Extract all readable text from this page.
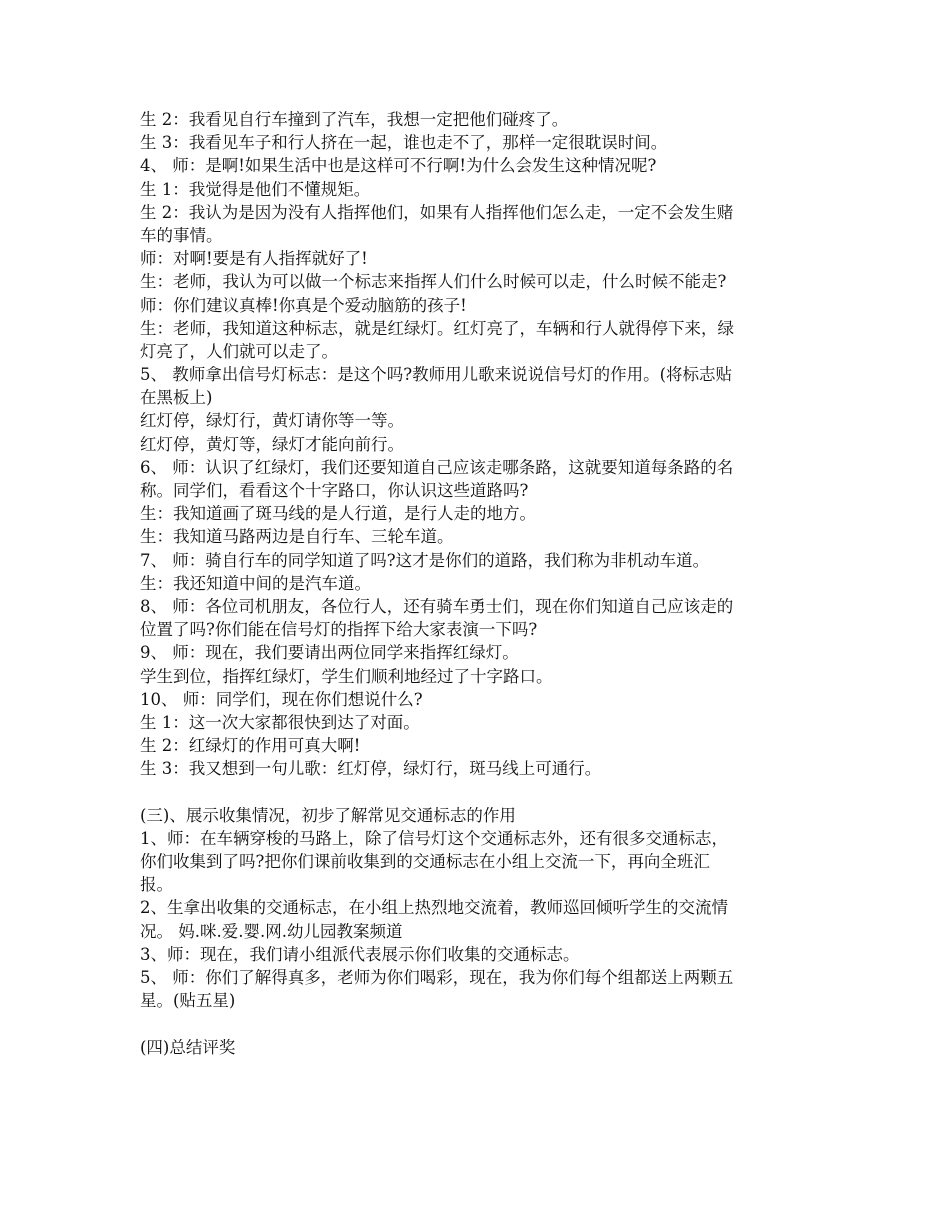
生 2：我看见自行车撞到了汽车，我想一定把他们碰疼了。
生 3：我看见车子和行人挤在一起，谁也走不了，那样一定很耽误时间。
4、 师：是啊!如果生活中也是这样可不行啊!为什么会发生这种情况呢?
生 1：我觉得是他们不懂规矩。
生 2：我认为是因为没有人指挥他们，如果有人指挥他们怎么走，一定不会发生赌
车的事情。
师：对啊!要是有人指挥就好了!
生：老师，我认为可以做一个标志来指挥人们什么时候可以走，什么时候不能走?
师：你们建议真棒!你真是个爱动脑筋的孩子!
生：老师，我知道这种标志，就是红绿灯。红灯亮了，车辆和行人就得停下来，绿
灯亮了，人们就可以走了。
5、 教师拿出信号灯标志：是这个吗?教师用儿歌来说说信号灯的作用。(将标志贴
在黑板上)
红灯停，绿灯行，黄灯请你等一等。
红灯停，黄灯等，绿灯才能向前行。
6、 师：认识了红绿灯，我们还要知道自己应该走哪条路，这就要知道每条路的名
称。同学们，看看这个十字路口，你认识这些道路吗?
生：我知道画了斑马线的是人行道，是行人走的地方。
生：我知道马路两边是自行车、三轮车道。
7、 师：骑自行车的同学知道了吗?这才是你们的道路，我们称为非机动车道。
生：我还知道中间的是汽车道。
8、 师：各位司机朋友，各位行人，还有骑车勇士们，现在你们知道自己应该走的
位置了吗?你们能在信号灯的指挥下给大家表演一下吗?
9、 师：现在，我们要请出两位同学来指挥红绿灯。
学生到位，指挥红绿灯，学生们顺利地经过了十字路口。
10、 师：同学们，现在你们想说什么?
生 1：这一次大家都很快到达了对面。
生 2：红绿灯的作用可真大啊!
生 3：我又想到一句儿歌：红灯停，绿灯行，斑马线上可通行。
(三)、展示收集情况，初步了解常见交通标志的作用
1、师：在车辆穿梭的马路上，除了信号灯这个交通标志外，还有很多交通标志，
你们收集到了吗?把你们课前收集到的交通标志在小组上交流一下，再向全班汇
报。
2、生拿出收集的交通标志，在小组上热烈地交流着，教师巡回倾听学生的交流情
况。 妈.咪.爱.婴.网.幼儿园教案频道
3、师：现在，我们请小组派代表展示你们收集的交通标志。
5、 师：你们了解得真多，老师为你们喝彩，现在，我为你们每个组都送上两颗五
星。(贴五星)
(四)总结评奖
